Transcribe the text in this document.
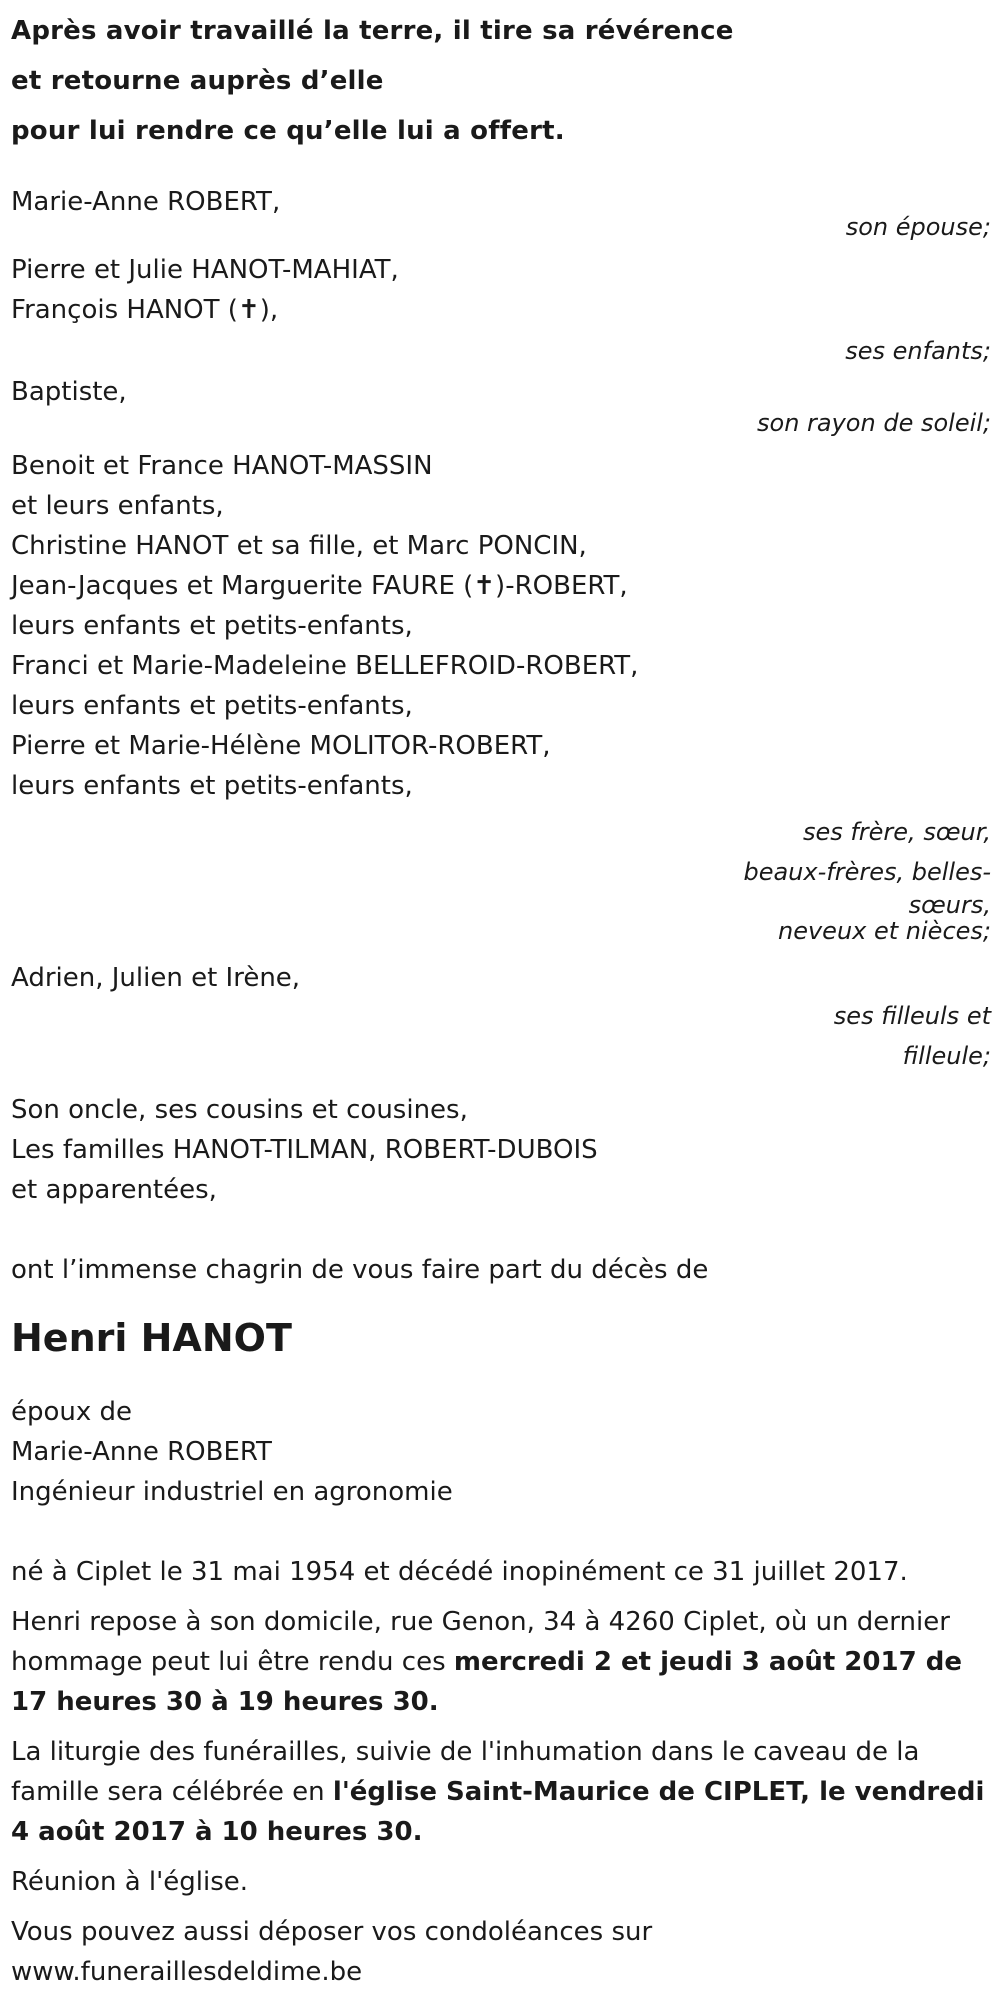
Après avoir travaillé la terre, il tire sa révérence
et retourne auprès d’elle
pour lui rendre ce qu’elle lui a offert.
Marie-Anne ROBERT,
son épouse;
Pierre et Julie HANOT-MAHIAT,
François HANOT (✝),
ses enfants;
Baptiste,
son rayon de soleil;
Benoit et France HANOT-MASSIN
et leurs enfants,
Christine HANOT et sa fille, et Marc PONCIN,
Jean-Jacques et Marguerite FAURE (✝)-ROBERT,
leurs enfants et petits-enfants,
Franci et Marie-Madeleine BELLEFROID-ROBERT,
leurs enfants et petits-enfants,
Pierre et Marie-Hélène MOLITOR-ROBERT,
leurs enfants et petits-enfants,
ses frère, sœur,
beaux-frères, belles-
sœurs,
neveux et nièces;
Adrien, Julien et Irène,
ses filleuls et
filleule;
Son oncle, ses cousins et cousines,
Les familles HANOT-TILMAN, ROBERT-DUBOIS
et apparentées,
ont l’immense chagrin de vous faire part du décès de
Henri HANOT
époux de
Marie-Anne ROBERT
Ingénieur industriel en agronomie
né à Ciplet le 31 mai 1954 et décédé inopinément ce 31 juillet 2017.
Henri repose à son domicile, rue Genon, 34 à 4260 Ciplet, où un dernier hommage peut lui être rendu ces mercredi 2 et jeudi 3 août 2017 de 17 heures 30 à 19 heures 30.
La liturgie des funérailles, suivie de l'inhumation dans le caveau de la famille sera célébrée en l'église Saint-Maurice de CIPLET, le vendredi 4 août 2017 à 10 heures 30.
Réunion à l'église.
Vous pouvez aussi déposer vos condoléances sur
www.funeraillesdeldime.be
